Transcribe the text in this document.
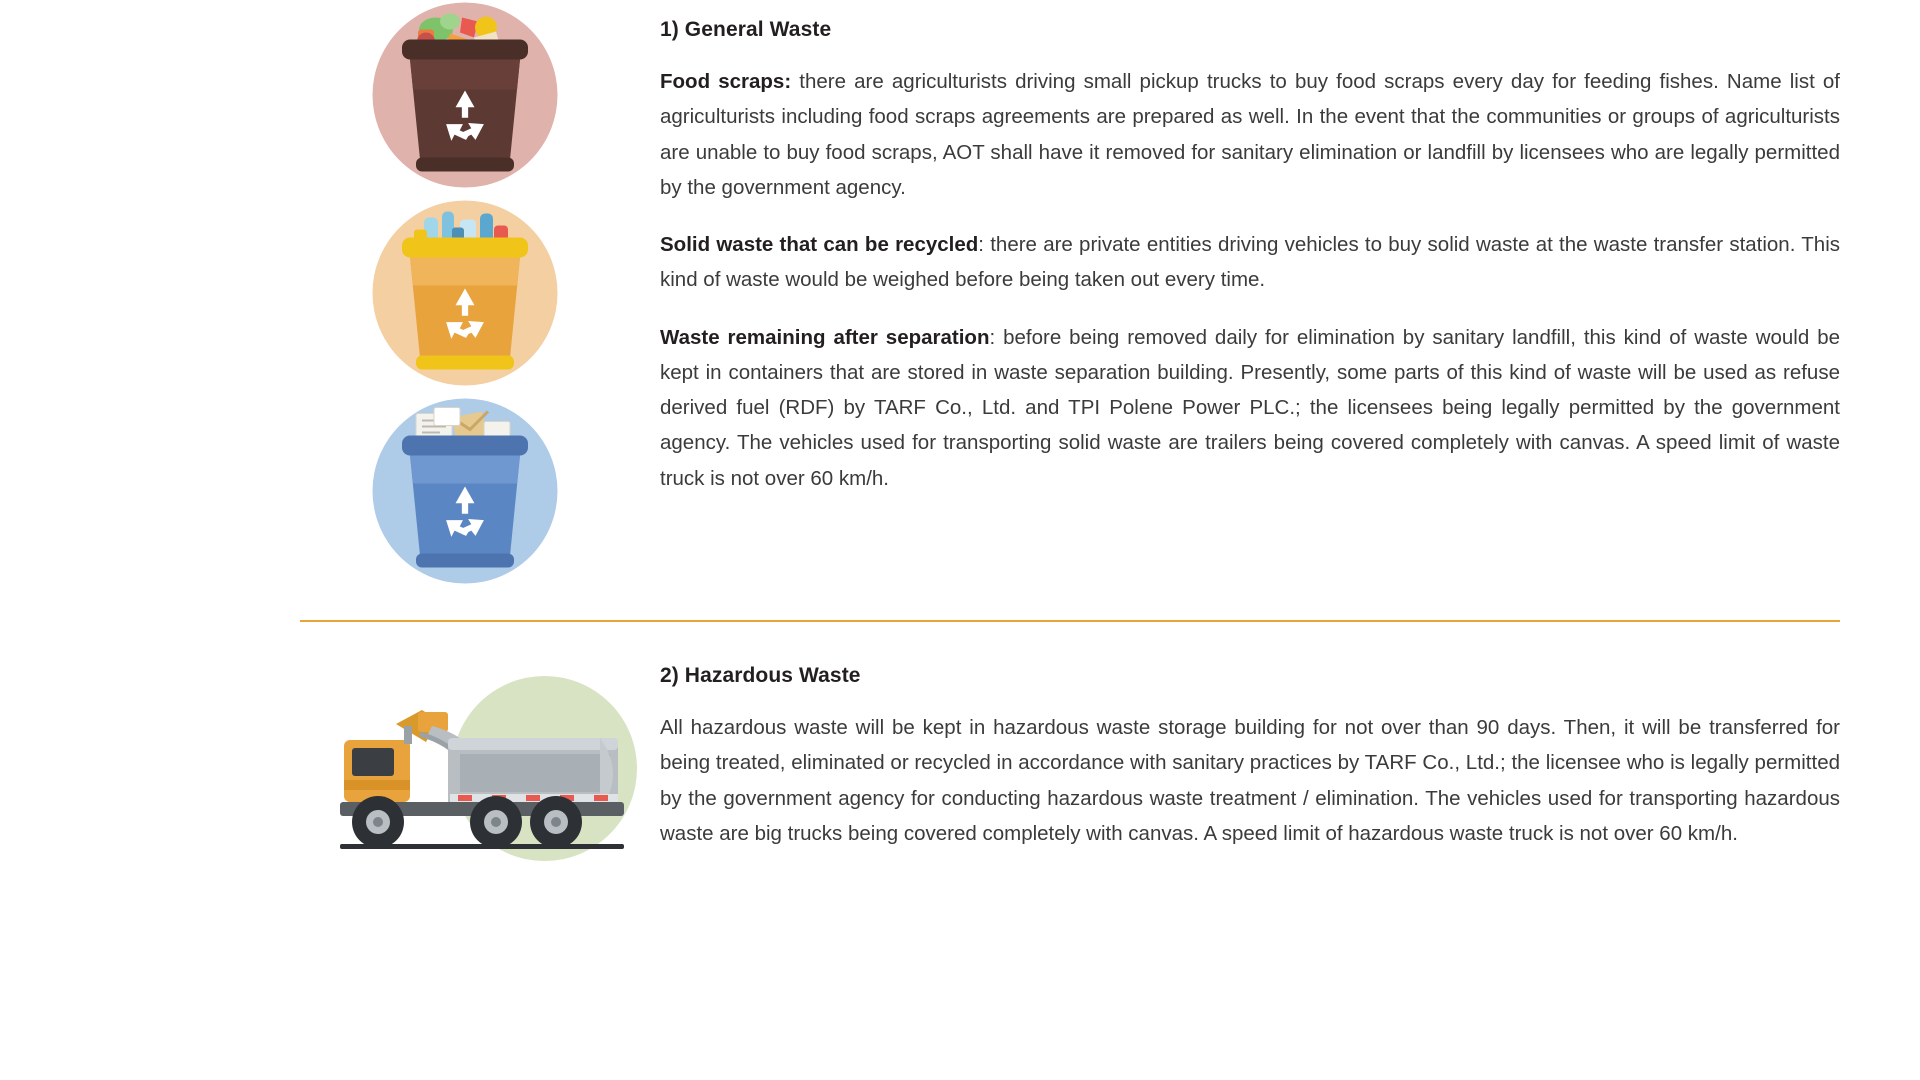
1) General Waste

Food scraps: there are agriculturists driving small pickup trucks to buy food scraps every day for feeding fishes. Name list of agriculturists including food scraps agreements are prepared as well. In the event that the communities or groups of agriculturists are unable to buy food scraps, AOT shall have it removed for sanitary elimination or landfill by licensees who are legally permitted by the government agency.

Solid waste that can be recycled: there are private entities driving vehicles to buy solid waste at the waste transfer station. This kind of waste would be weighed before being taken out every time.

Waste remaining after separation: before being removed daily for elimination by sanitary landfill, this kind of waste would be kept in containers that are stored in waste separation building. Presently, some parts of this kind of waste will be used as refuse derived fuel (RDF) by TARF Co., Ltd. and TPI Polene Power PLC.; the licensees being legally permitted by the government agency. The vehicles used for transporting solid waste are trailers being covered completely with canvas. A speed limit of waste truck is not over 60 km/h.

2) Hazardous Waste

All hazardous waste will be kept in hazardous waste storage building for not over than 90 days. Then, it will be transferred for being treated, eliminated or recycled in accordance with sanitary practices by TARF Co., Ltd.; the licensee who is legally permitted by the government agency for conducting hazardous waste treatment / elimination. The vehicles used for transporting hazardous waste are big trucks being covered completely with canvas. A speed limit of hazardous waste truck is not over 60 km/h.
